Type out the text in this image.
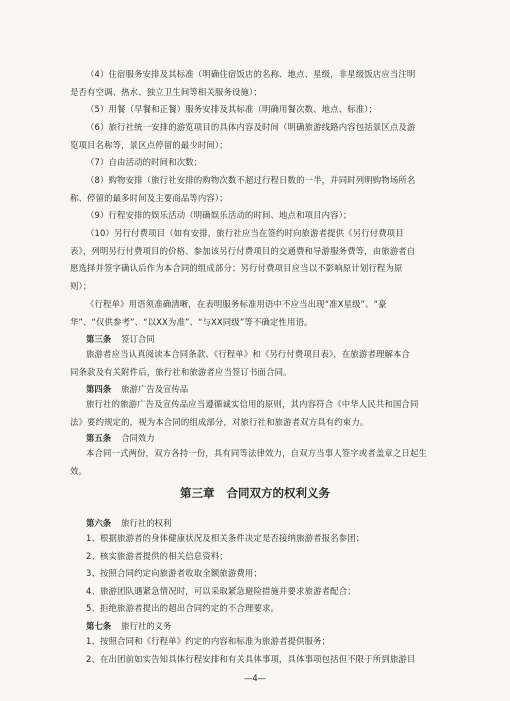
（4）住宿服务安排及其标准（明确住宿饭店的名称、地点、星级，非星级饭店应当注明
是否有空调、热水、独立卫生间等相关服务设施）；
（5）用餐（早餐和正餐）服务安排及其标准（明确用餐次数、地点、标准）；
（6）旅行社统一安排的游览项目的具体内容及时间（明确旅游线路内容包括景区点及游
览项目名称等，景区点停留的最少时间）；
（7）自由活动的时间和次数；
（8）购物安排（旅行社安排的购物次数不超过行程日数的一半，并同时列明购物场所名
称、停留的最多时间及主要商品等内容）；
（9）行程安排的娱乐活动（明确娱乐活动的时间、地点和项目内容）；
（10）另行付费项目（如有安排，旅行社应当在签约时向旅游者提供《另行付费项目
表》，列明另行付费项目的价格、参加该另行付费项目的交通费和导游服务费等，由旅游者自
愿选择并签字确认后作为本合同的组成部分；另行付费项目应当以不影响原计划行程为原
则）；
《行程单》用语须准确清晰，在表明服务标准用语中不应当出现“准X星级”、“豪
华”、“仅供参考”、“以XX为准”、“与XX同级”等不确定性用语。
第三条 签订合同
旅游者应当认真阅读本合同条款、《行程单》和《另行付费项目表》，在旅游者理解本合
同条款及有关附件后，旅行社和旅游者应当签订书面合同。
第四条 旅游广告及宣传品
旅行社的旅游广告及宣传品应当遵循诚实信用的原则，其内容符合《中华人民共和国合同
法》要约规定的，视为本合同的组成部分，对旅行社和旅游者双方具有约束力。
第五条 合同效力
本合同一式两份，双方各持一份，具有同等法律效力，自双方当事人签字或者盖章之日起生
效。
第三章 合同双方的权利义务
第六条 旅行社的权利
1、根据旅游者的身体健康状况及相关条件决定是否接纳旅游者报名参团；
2、核实旅游者提供的相关信息资料；
3、按照合同约定向旅游者收取全额旅游费用；
4、旅游团队遇紧急情况时，可以采取紧急避险措施并要求旅游者配合；
5、拒绝旅游者提出的超出合同约定的不合理要求。
第七条 旅行社的义务
1、按照合同和《行程单》约定的内容和标准为旅游者提供服务；
2、在出团前如实告知具体行程安排和有关具体事项，具体事项包括但不限于所到旅游目
—4—
